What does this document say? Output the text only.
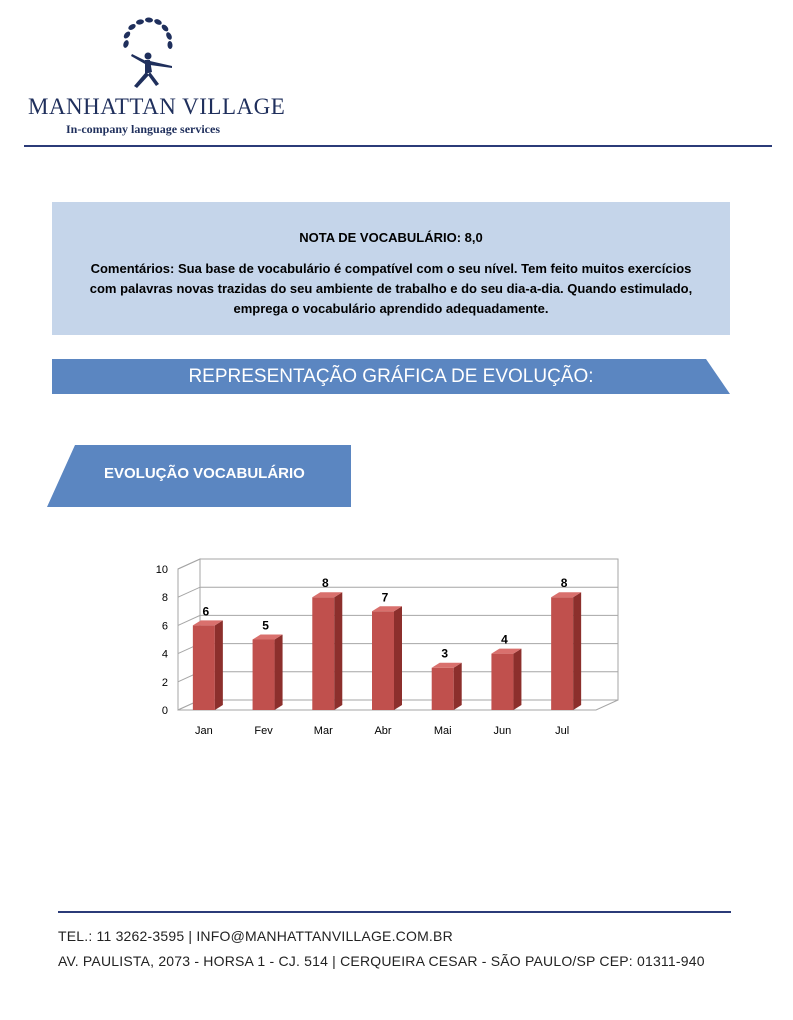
MANHATTAN VILLAGE
In-company language services
NOTA DE VOCABULÁRIO: 8,0
Comentários: Sua base de vocabulário é compatível com o seu nível. Tem feito muitos exercícios com palavras novas trazidas do seu ambiente de trabalho e do seu dia-a-dia. Quando estimulado, emprega o vocabulário aprendido adequadamente.
REPRESENTAÇÃO GRÁFICA DE EVOLUÇÃO:
EVOLUÇÃO VOCABULÁRIO
0
2
4
6
8
10
6
Jan
5
Fev
8
Mar
7
Abr
3
Mai
4
Jun
8
Jul
TEL.: 11 3262-3595 | INFO@MANHATTANVILLAGE.COM.BR
AV. PAULISTA, 2073 - HORSA 1 - CJ. 514 | CERQUEIRA CESAR - SÃO PAULO/SP CEP: 01311-940
